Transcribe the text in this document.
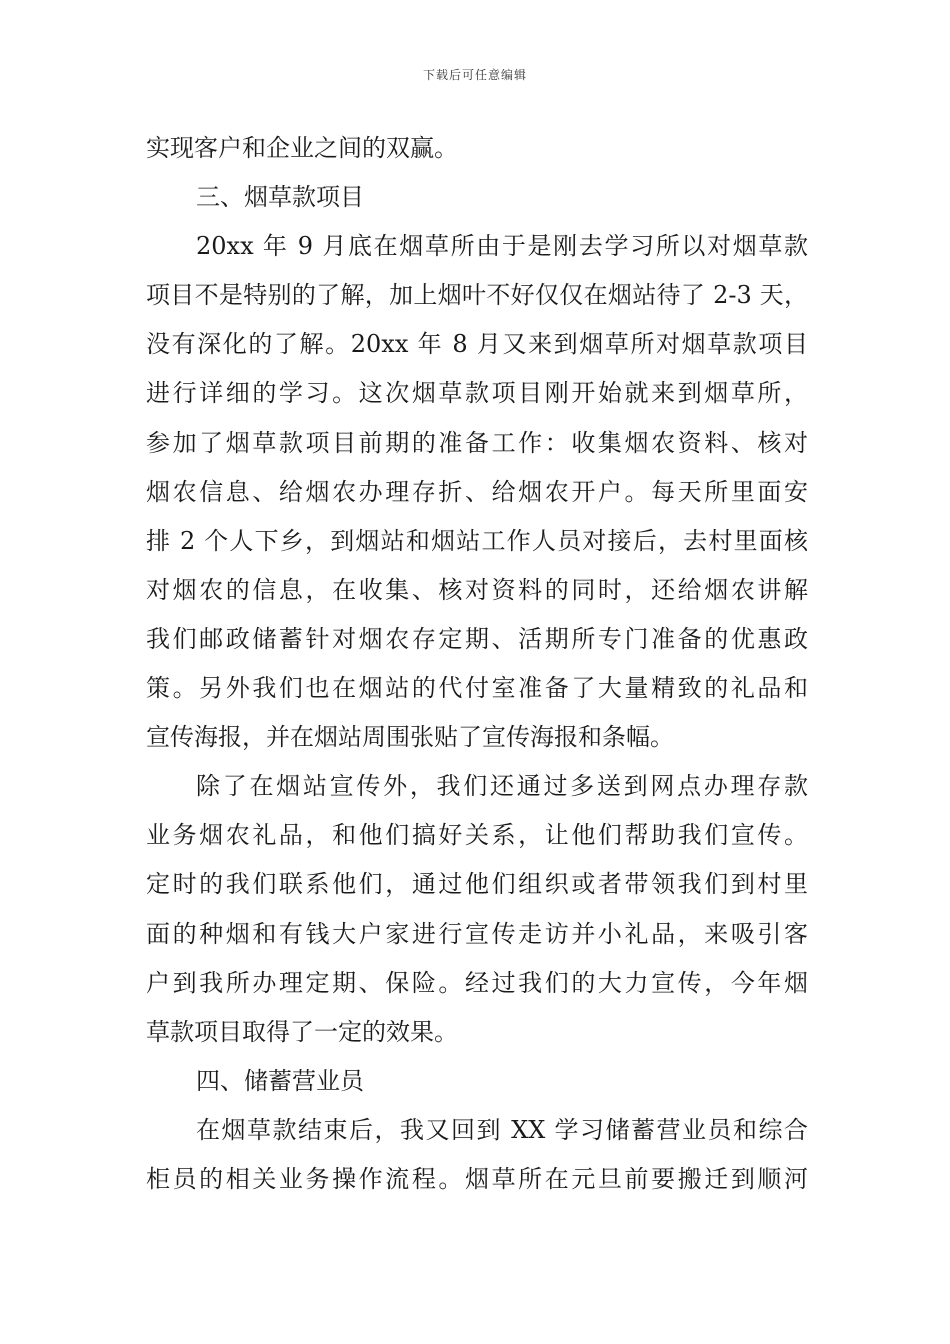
下载后可任意编辑
实现客户和企业之间的双赢。
三、烟草款项目
20xx 年 9 月底在烟草所由于是刚去学习所以对烟草款
项目不是特别的了解，加上烟叶不好仅仅在烟站待了 2-3 天，
没有深化的了解。20xx 年 8 月又来到烟草所对烟草款项目
进行详细的学习。这次烟草款项目刚开始就来到烟草所，
参加了烟草款项目前期的准备工作：收集烟农资料、核对
烟农信息、给烟农办理存折、给烟农开户。每天所里面安
排 2 个人下乡，到烟站和烟站工作人员对接后，去村里面核
对烟农的信息，在收集、核对资料的同时，还给烟农讲解
我们邮政储蓄针对烟农存定期、活期所专门准备的优惠政
策。另外我们也在烟站的代付室准备了大量精致的礼品和
宣传海报，并在烟站周围张贴了宣传海报和条幅。
除了在烟站宣传外，我们还通过多送到网点办理存款
业务烟农礼品，和他们搞好关系，让他们帮助我们宣传。
定时的我们联系他们，通过他们组织或者带领我们到村里
面的种烟和有钱大户家进行宣传走访并小礼品，来吸引客
户到我所办理定期、保险。经过我们的大力宣传，今年烟
草款项目取得了一定的效果。
四、储蓄营业员
在烟草款结束后，我又回到 XX 学习储蓄营业员和综合
柜员的相关业务操作流程。烟草所在元旦前要搬迁到顺河
